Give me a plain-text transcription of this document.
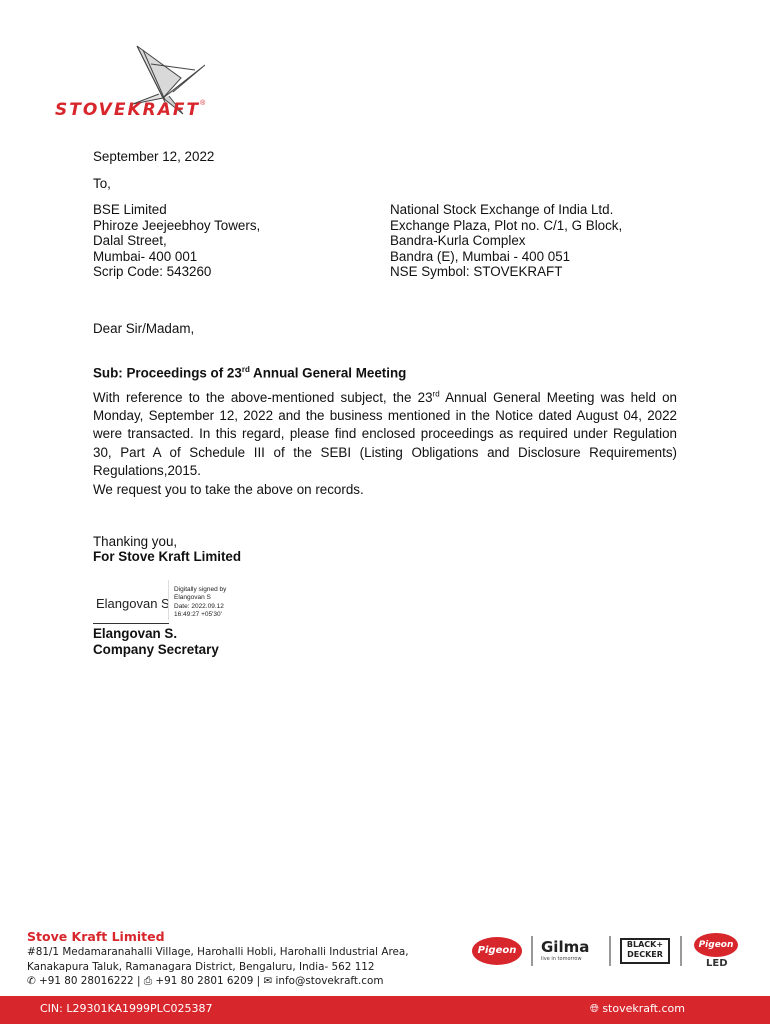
STOVEKRAFT®
September 12, 2022
To,
BSE Limited
Phiroze Jeejeebhoy Towers,
Dalal Street,
Mumbai- 400 001
Scrip Code: 543260
National Stock Exchange of India Ltd.
Exchange Plaza, Plot no. C/1, G Block,
Bandra-Kurla Complex
Bandra (E), Mumbai - 400 051
NSE Symbol: STOVEKRAFT
Dear Sir/Madam,
Sub: Proceedings of 23rd Annual General Meeting
With reference to the above-mentioned subject, the 23rd Annual General Meeting was held on Monday, September 12, 2022 and the business mentioned in the Notice dated August 04, 2022 were transacted. In this regard, please find enclosed proceedings as required under Regulation 30, Part A of Schedule III of the SEBI (Listing Obligations and Disclosure Requirements) Regulations,2015.
We request you to take the above on records.
Thanking you,
For Stove Kraft Limited
Elangovan S
Digitally signed by
Elangovan S
Date: 2022.09.12
16:49:27 +05'30'
Elangovan S.
Company Secretary
Stove Kraft Limited
#81/1 Medamaranahalli Village, Harohalli Hobli, Harohalli Industrial Area,
Kanakapura Taluk, Ramanagara District, Bengaluru, India- 562 112
✆ +91 80 28016222 | ⎙ +91 80 2801 6209 | ✉ info@stovekraft.com
Pigeon	Gilma
live in tomorrow
BLACK+
DECKER
Pigeon
LED
CIN: L29301KA1999PLC025387	🌐︎ stovekraft.com
